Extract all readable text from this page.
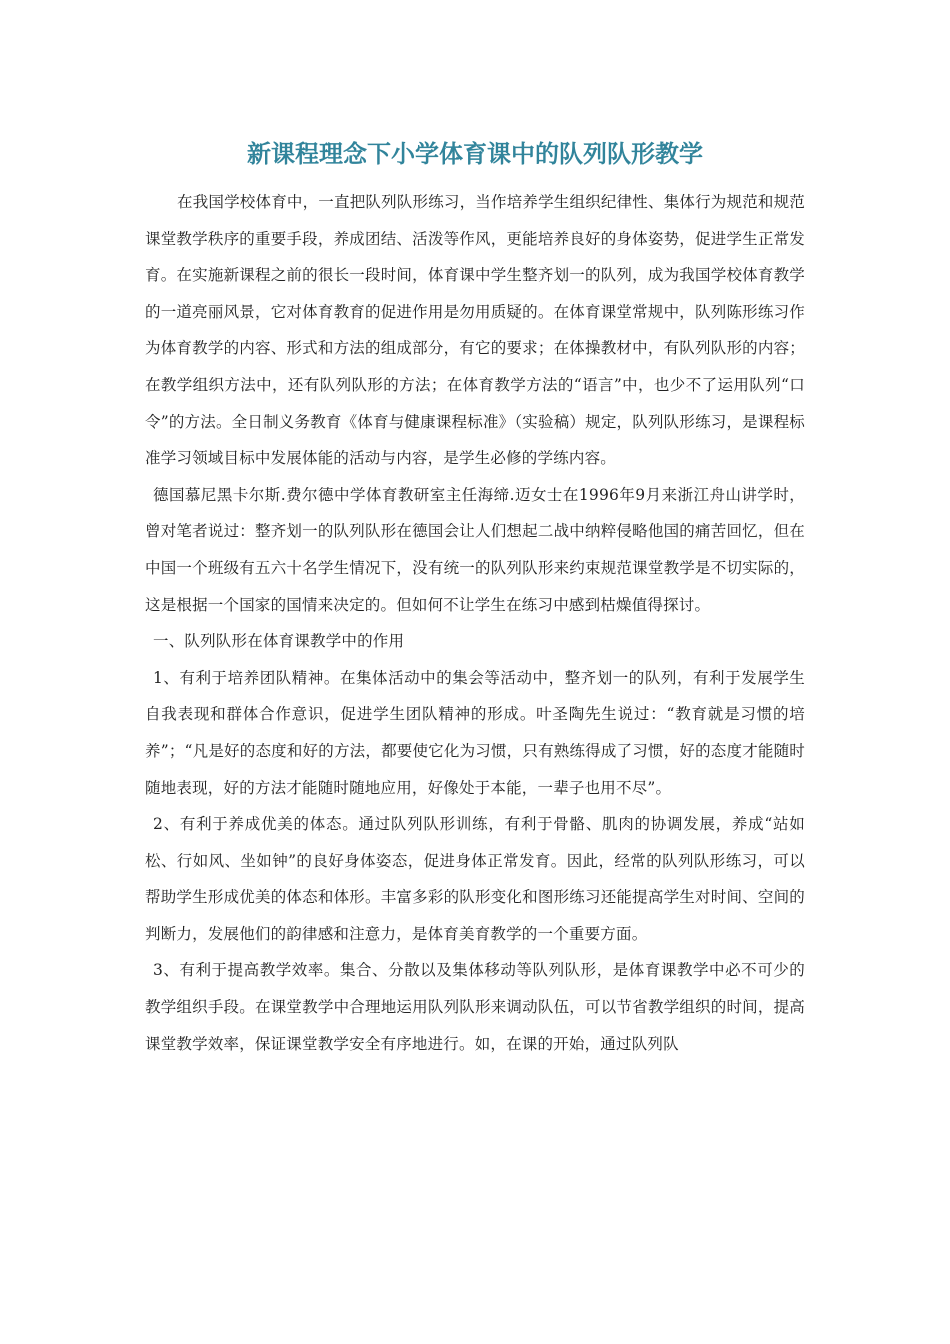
新课程理念下小学体育课中的队列队形教学

在我国学校体育中，一直把队列队形练习，当作培养学生组织纪律性、集体行为规范和规范课堂教学秩序的重要手段，养成团结、活泼等作风，更能培养良好的身体姿势，促进学生正常发育。在实施新课程之前的很长一段时间，体育课中学生整齐划一的队列，成为我国学校体育教学的一道亮丽风景，它对体育教育的促进作用是勿用质疑的。在体育课堂常规中，队列陈形练习作为体育教学的内容、形式和方法的组成部分，有它的要求；在体操教材中，有队列队形的内容；在教学组织方法中，还有队列队形的方法；在体育教学方法的“语言”中，也少不了运用队列“口令”的方法。全日制义务教育《体育与健康课程标准》（实验稿）规定，队列队形练习，是课程标准学习领域目标中发展体能的活动与内容，是学生必修的学练内容。

德国慕尼黑卡尔斯.费尔德中学体育教研室主任海缔.迈女士在1996年9月来浙江舟山讲学时，曾对笔者说过：整齐划一的队列队形在德国会让人们想起二战中纳粹侵略他国的痛苦回忆，但在中国一个班级有五六十名学生情况下，没有统一的队列队形来约束规范课堂教学是不切实际的，这是根据一个国家的国情来决定的。但如何不让学生在练习中感到枯燥值得探讨。

一、队列队形在体育课教学中的作用

1、有利于培养团队精神。在集体活动中的集会等活动中，整齐划一的队列，有利于发展学生自我表现和群体合作意识，促进学生团队精神的形成。叶圣陶先生说过：“教育就是习惯的培养”；“凡是好的态度和好的方法，都要使它化为习惯，只有熟练得成了习惯，好的态度才能随时随地表现，好的方法才能随时随地应用，好像处于本能，一辈子也用不尽”。

2、有利于养成优美的体态。通过队列队形训练，有利于骨骼、肌肉的协调发展，养成“站如松、行如风、坐如钟”的良好身体姿态，促进身体正常发育。因此，经常的队列队形练习，可以帮助学生形成优美的体态和体形。丰富多彩的队形变化和图形练习还能提高学生对时间、空间的判断力，发展他们的韵律感和注意力，是体育美育教学的一个重要方面。

3、有利于提高教学效率。集合、分散以及集体移动等队列队形，是体育课教学中必不可少的教学组织手段。在课堂教学中合理地运用队列队形来调动队伍，可以节省教学组织的时间，提高课堂教学效率，保证课堂教学安全有序地进行。如，在课的开始，通过队列队
